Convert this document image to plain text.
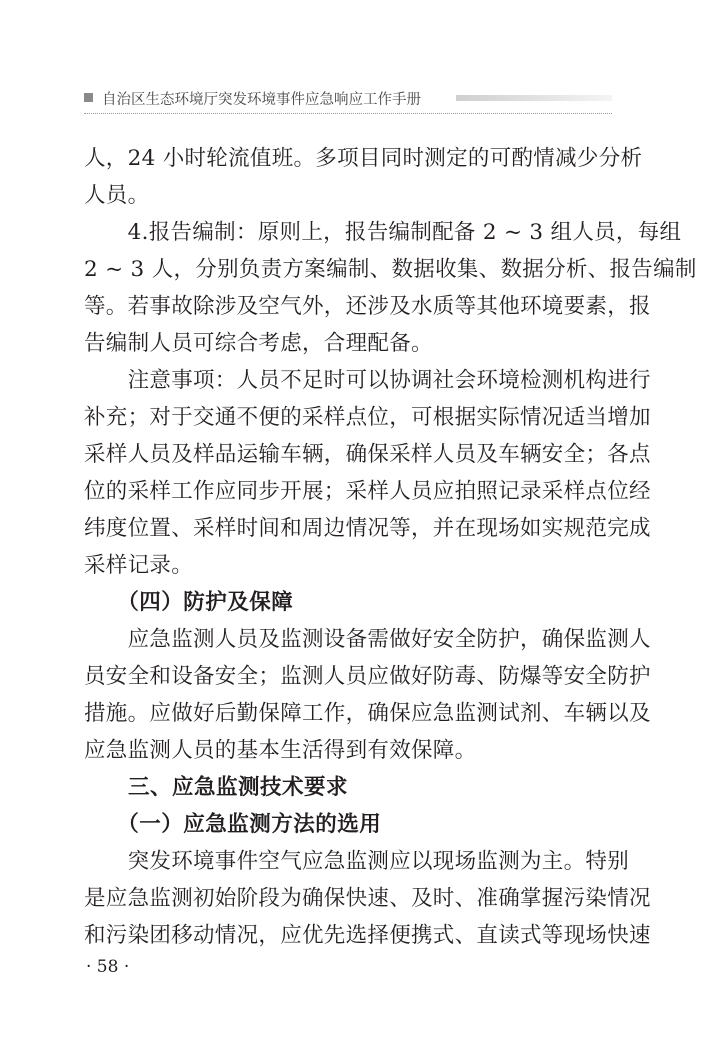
自治区生态环境厅突发环境事件应急响应工作手册
人，24 小时轮流值班。多项目同时测定的可酌情减少分析
人员。
　　4.报告编制：原则上，报告编制配备 2 ~ 3 组人员，每组
2 ~ 3 人，分别负责方案编制、数据收集、数据分析、报告编制
等。若事故除涉及空气外，还涉及水质等其他环境要素，报
告编制人员可综合考虑，合理配备。
　　注意事项：人员不足时可以协调社会环境检测机构进行
补充；对于交通不便的采样点位，可根据实际情况适当增加
采样人员及样品运输车辆，确保采样人员及车辆安全；各点
位的采样工作应同步开展；采样人员应拍照记录采样点位经
纬度位置、采样时间和周边情况等，并在现场如实规范完成
采样记录。
　　（四）防护及保障
　　应急监测人员及监测设备需做好安全防护，确保监测人
员安全和设备安全；监测人员应做好防毒、防爆等安全防护
措施。应做好后勤保障工作，确保应急监测试剂、车辆以及
应急监测人员的基本生活得到有效保障。
　　三、应急监测技术要求
　　（一）应急监测方法的选用
　　突发环境事件空气应急监测应以现场监测为主。特别
是应急监测初始阶段为确保快速、及时、准确掌握污染情况
和污染团移动情况，应优先选择便携式、直读式等现场快速
· 58 ·
